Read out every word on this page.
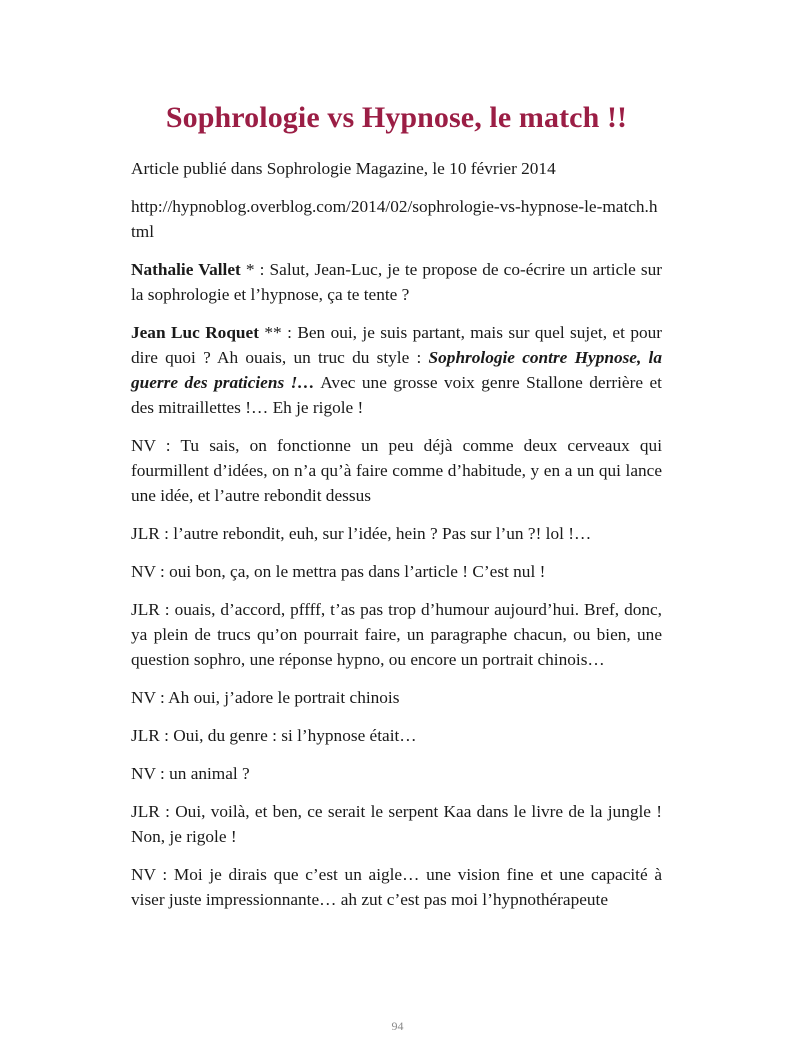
Sophrologie vs Hypnose, le match !!

Article publié dans Sophrologie Magazine, le 10 février 2014

http://hypnoblog.overblog.com/2014/02/sophrologie-vs-hypnose-le-match.html

Nathalie Vallet * : Salut, Jean-Luc, je te propose de co-écrire un article sur la sophrologie et l’hypnose, ça te tente ?

Jean Luc Roquet ** : Ben oui, je suis partant, mais sur quel sujet, et pour dire quoi ? Ah ouais, un truc du style : Sophrologie contre Hypnose, la guerre des praticiens !… Avec une grosse voix genre Stallone derrière et des mitraillettes !… Eh je rigole !

NV : Tu sais, on fonctionne un peu déjà comme deux cerveaux qui fourmillent d’idées, on n’a qu’à faire comme d’habitude, y en a un qui lance une idée, et l’autre rebondit dessus

JLR : l’autre rebondit, euh, sur l’idée, hein ? Pas sur l’un ?! lol !…

NV : oui bon, ça, on le mettra pas dans l’article ! C’est nul !

JLR : ouais, d’accord, pffff, t’as pas trop d’humour aujourd’hui. Bref, donc, ya plein de trucs qu’on pourrait faire, un paragraphe chacun, ou bien, une question sophro, une réponse hypno, ou encore un portrait chinois…

NV : Ah oui, j’adore le portrait chinois

JLR : Oui, du genre : si l’hypnose était…

NV : un animal ?

JLR : Oui, voilà, et ben, ce serait le serpent Kaa dans le livre de la jungle ! Non, je rigole !

NV : Moi je dirais que c’est un aigle… une vision fine et une capacité à viser juste impressionnante… ah zut c’est pas moi l’hypnothérapeute

94
